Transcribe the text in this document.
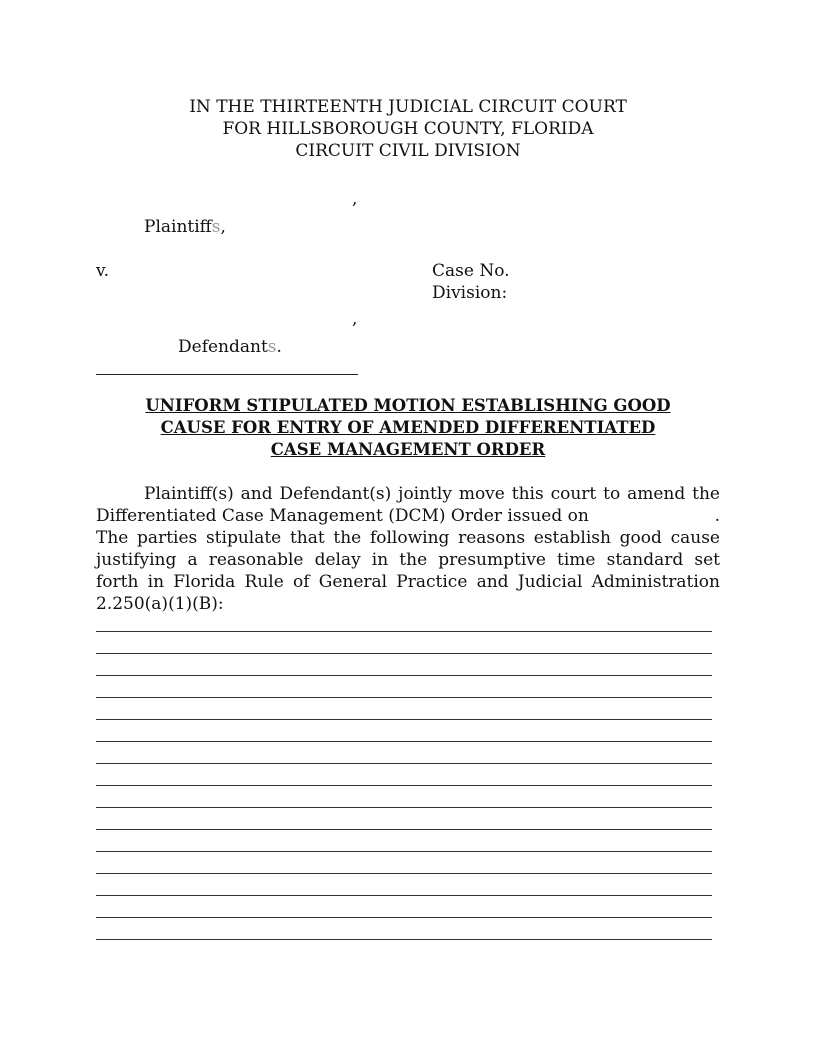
IN THE THIRTEENTH JUDICIAL CIRCUIT COURT
FOR HILLSBOROUGH COUNTY, FLORIDA
CIRCUIT CIVIL DIVISION
,
Plaintiffs,
v.	Case No.
Division:
,
Defendants.
UNIFORM STIPULATED MOTION ESTABLISHING GOOD
CAUSE FOR ENTRY OF AMENDED DIFFERENTIATED
CASE MANAGEMENT ORDER
Plaintiff(s) and Defendant(s) jointly move this court to amend the
Differentiated Case Management (DCM) Order issued on	.
The parties stipulate that the following reasons establish good cause
justifying a reasonable delay in the presumptive time standard set
forth in Florida Rule of General Practice and Judicial Administration
2.250(a)(1)(B):
